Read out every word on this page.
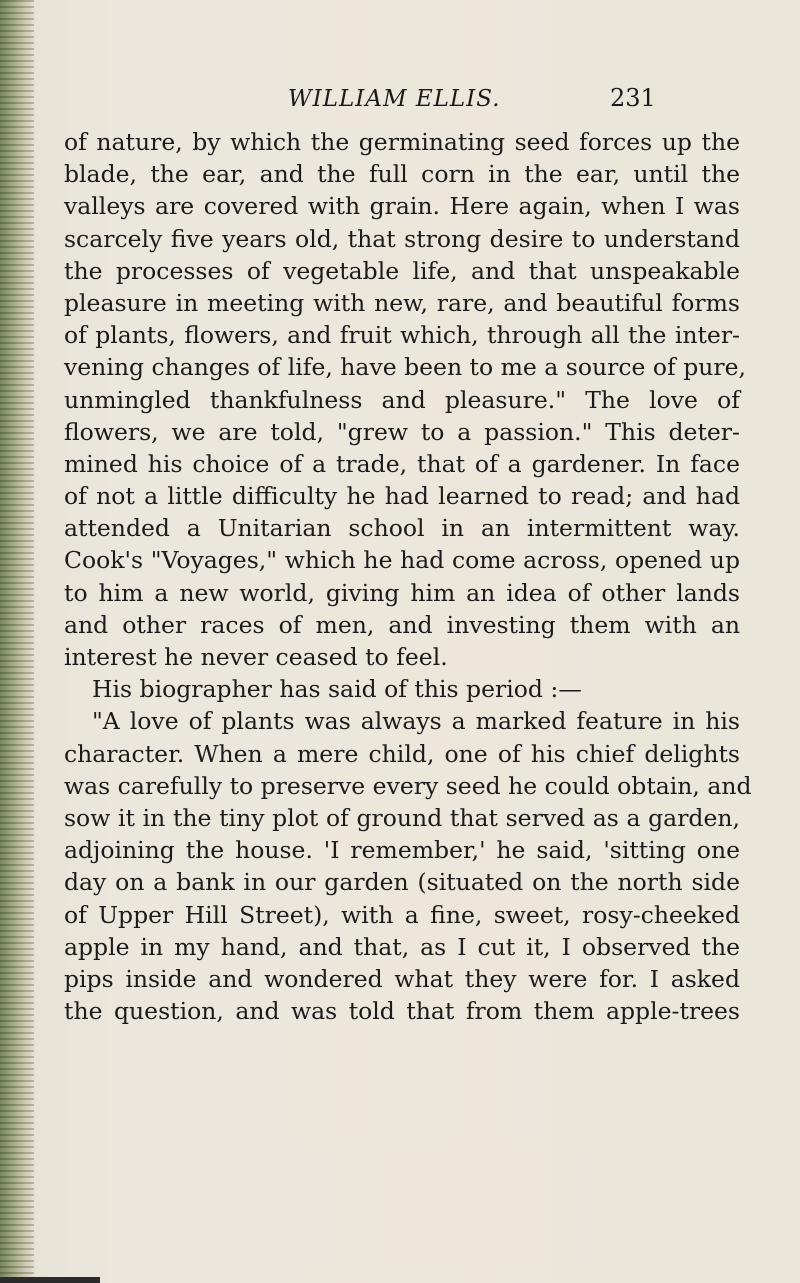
WILLIAM ELLIS.	231
of nature, by which the germinating seed forces up the
blade, the ear, and the full corn in the ear, until the
valleys are covered with grain. Here again, when I was
scarcely five years old, that strong desire to understand
the processes of vegetable life, and that unspeakable
pleasure in meeting with new, rare, and beautiful forms
of plants, flowers, and fruit which, through all the inter-
vening changes of life, have been to me a source of pure,
unmingled thankfulness and pleasure." The love of
flowers, we are told, "grew to a passion." This deter-
mined his choice of a trade, that of a gardener. In face
of not a little difficulty he had learned to read; and had
attended a Unitarian school in an intermittent way.
Cook's "Voyages," which he had come across, opened up
to him a new world, giving him an idea of other lands
and other races of men, and investing them with an
interest he never ceased to feel.
His biographer has said of this period :—
"A love of plants was always a marked feature in his
character. When a mere child, one of his chief delights
was carefully to preserve every seed he could obtain, and
sow it in the tiny plot of ground that served as a garden,
adjoining the house. 'I remember,' he said, 'sitting one
day on a bank in our garden (situated on the north side
of Upper Hill Street), with a fine, sweet, rosy-cheeked
apple in my hand, and that, as I cut it, I observed the
pips inside and wondered what they were for. I asked
the question, and was told that from them apple-trees
